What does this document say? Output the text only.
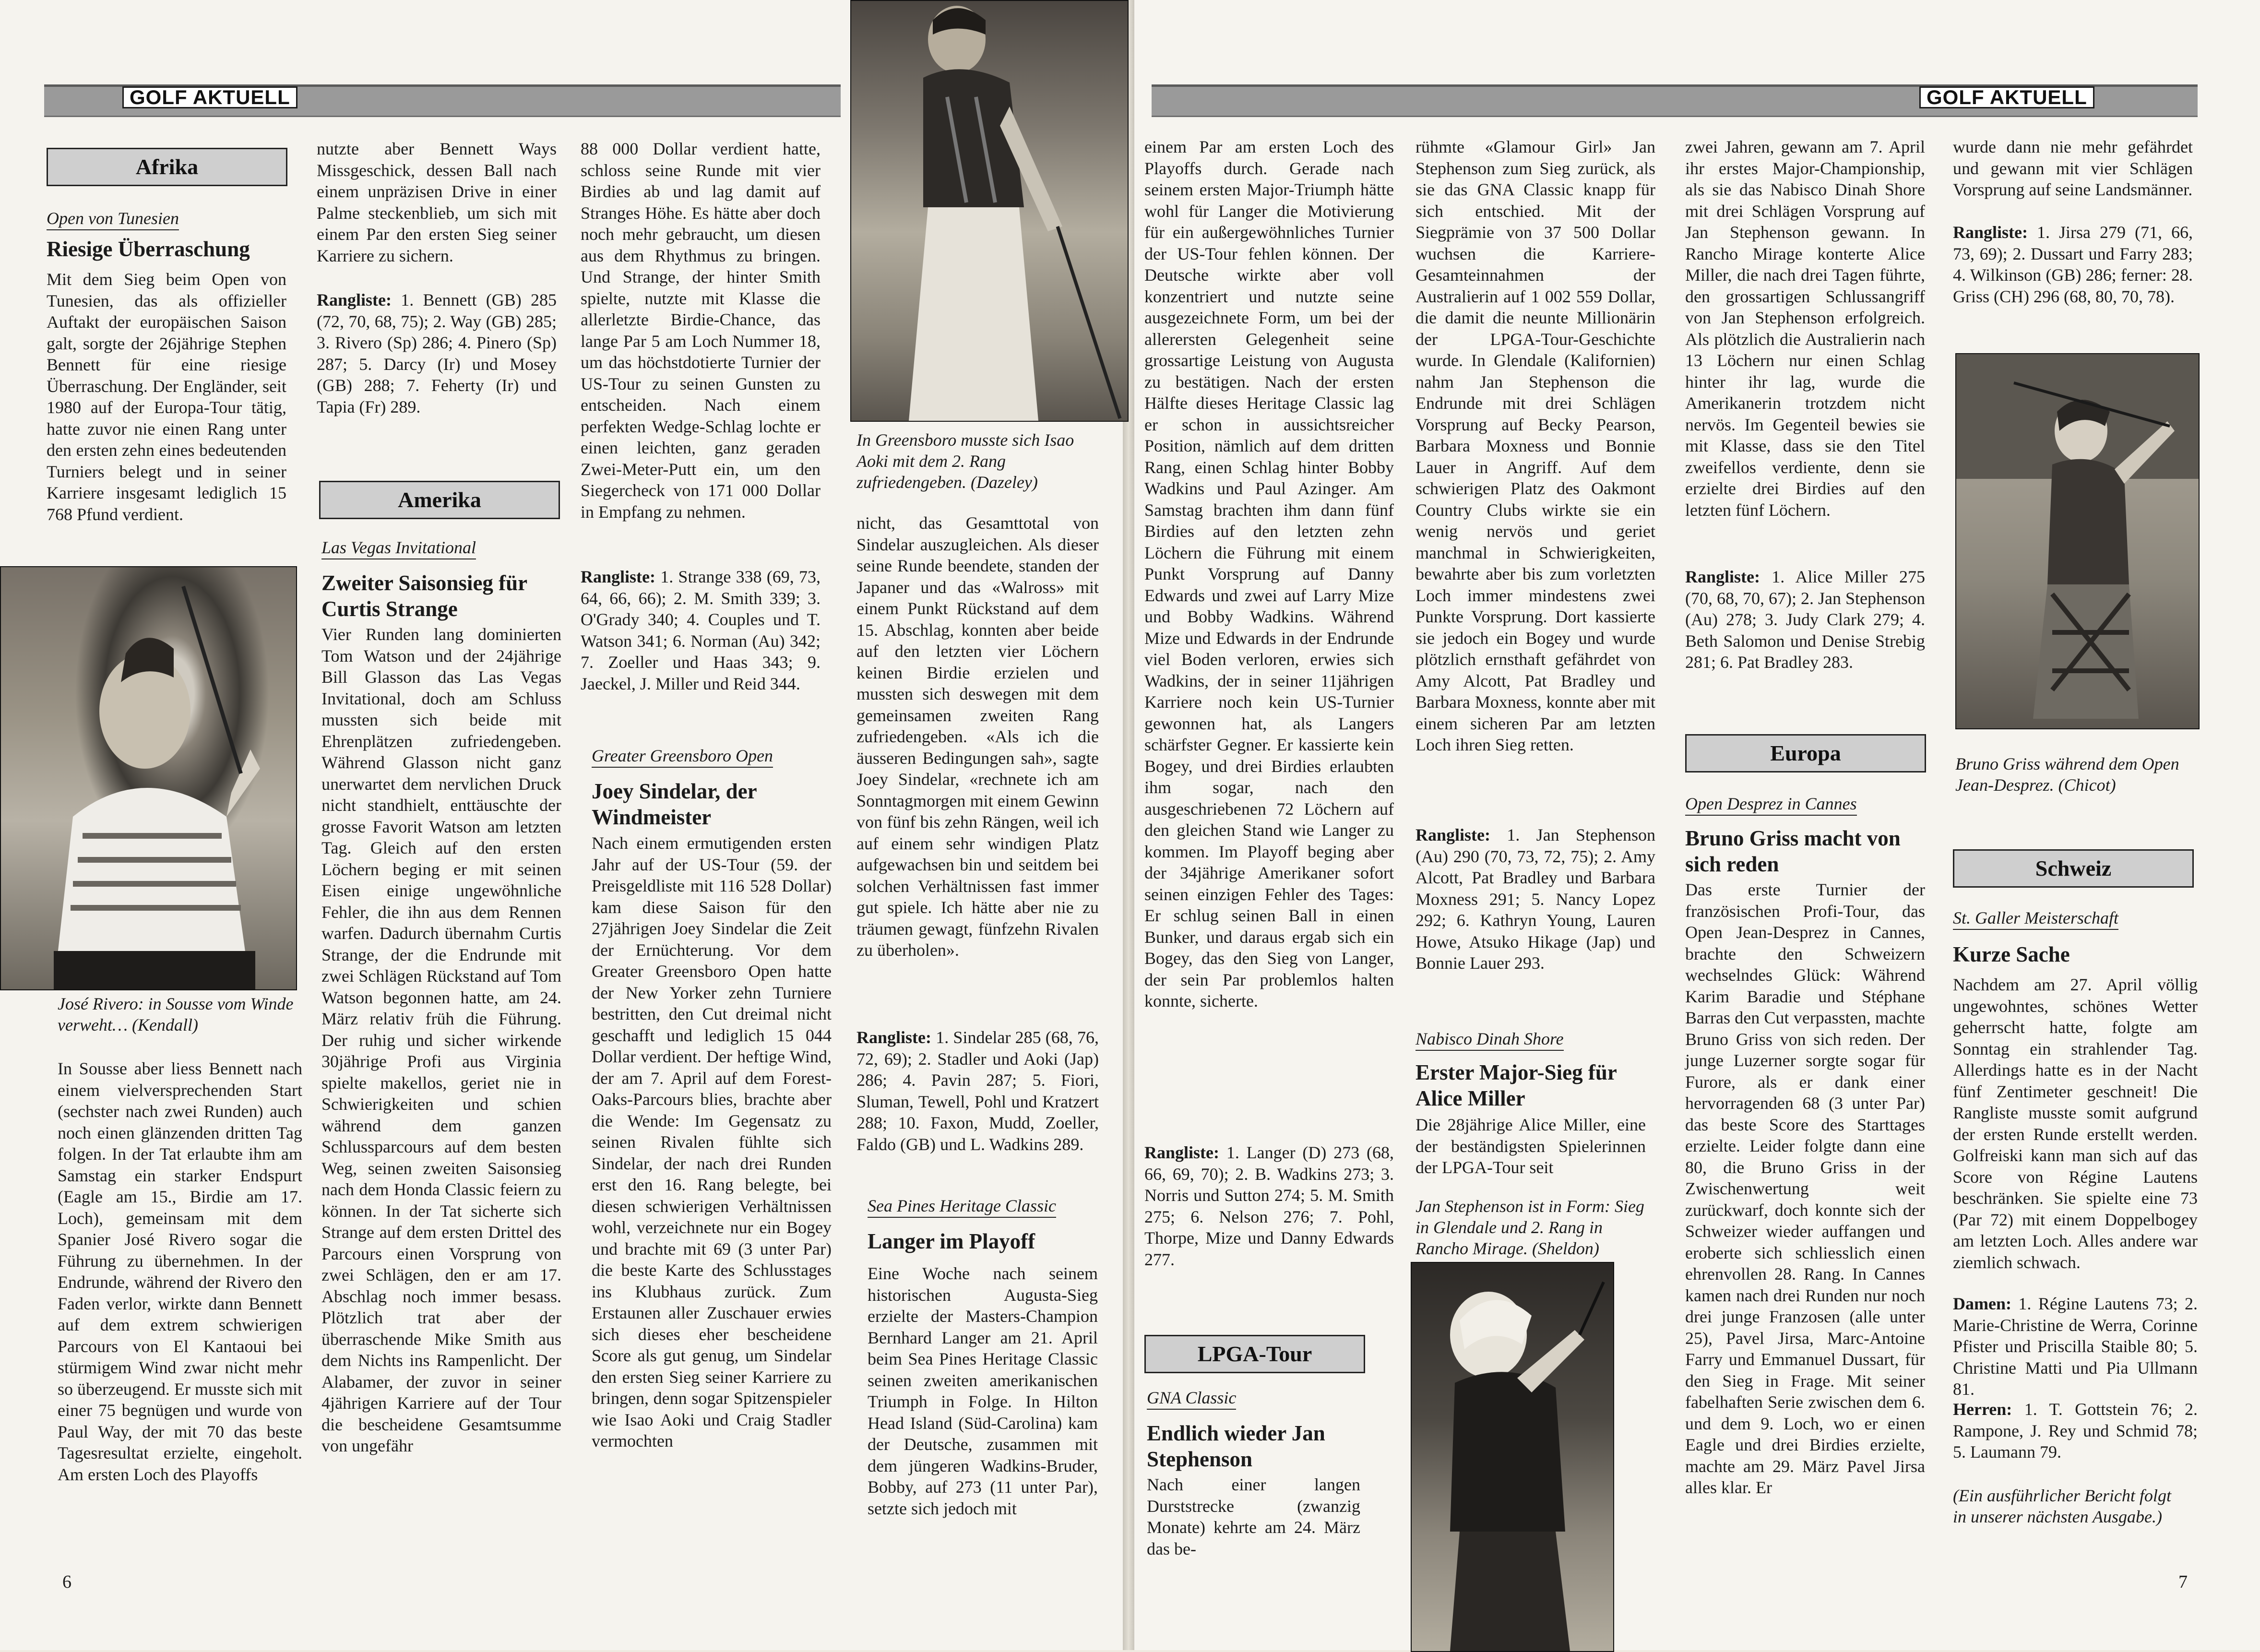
GOLF AKTUELL
Afrika
Open von Tunesien
Riesige Überraschung
Mit dem Sieg beim Open von Tunesien, das als offizieller Auftakt der europäischen Saison galt, sorgte der 26jährige Stephen Bennett für eine riesige Überraschung. Der Engländer, seit 1980 auf der Europa-Tour tätig, hatte zuvor nie einen Rang unter den ersten zehn eines bedeutenden Turniers belegt und in seiner Karriere insgesamt lediglich 15 768 Pfund verdient.
José Rivero: in Sousse vom Winde verweht… (Kendall)
In Sousse aber liess Bennett nach einem vielversprechenden Start (sechster nach zwei Runden) auch noch einen glänzenden dritten Tag folgen. In der Tat erlaubte ihm am Samstag ein starker Endspurt (Eagle am 15., Birdie am 17. Loch), gemeinsam mit dem Spanier José Rivero sogar die Führung zu übernehmen. In der Endrunde, während der Rivero den Faden verlor, wirkte dann Bennett auf dem extrem schwierigen Parcours von El Kantaoui bei stürmigem Wind zwar nicht mehr so überzeugend. Er musste sich mit einer 75 begnügen und wurde von Paul Way, der mit 70 das beste Tagesresultat erzielte, eingeholt. Am ersten Loch des Playoffs
nutzte aber Bennett Ways Missgeschick, dessen Ball nach einem unpräzisen Drive in einer Palme steckenblieb, um sich mit einem Par den ersten Sieg seiner Karriere zu sichern.
Rangliste: 1. Bennett (GB) 285 (72, 70, 68, 75); 2. Way (GB) 285; 3. Rivero (Sp) 286; 4. Pinero (Sp) 287; 5. Darcy (Ir) und Mosey (GB) 288; 7. Feherty (Ir) und Tapia (Fr) 289.
Amerika
Las Vegas Invitational
Zweiter Saisonsieg für Curtis Strange
Vier Runden lang dominierten Tom Watson und der 24jährige Bill Glasson das Las Vegas Invitational, doch am Schluss mussten sich beide mit Ehrenplätzen zufriedengeben. Während Glasson nicht ganz unerwartet dem nervlichen Druck nicht standhielt, enttäuschte der grosse Favorit Watson am letzten Tag. Gleich auf den ersten Löchern beging er mit seinen Eisen einige ungewöhnliche Fehler, die ihn aus dem Rennen warfen. Dadurch übernahm Curtis Strange, der die Endrunde mit zwei Schlägen Rückstand auf Tom Watson begonnen hatte, am 24. März relativ früh die Führung. Der ruhig und sicher wirkende 30jährige Profi aus Virginia spielte makellos, geriet nie in Schwierigkeiten und schien während dem ganzen Schlussparcours auf dem besten Weg, seinen zweiten Saisonsieg nach dem Honda Classic feiern zu können. In der Tat sicherte sich Strange auf dem ersten Drittel des Parcours einen Vorsprung von zwei Schlägen, den er am 17. Abschlag noch immer besass. Plötzlich trat aber der überraschende Mike Smith aus dem Nichts ins Rampenlicht. Der Alabamer, der zuvor in seiner 4jährigen Karriere auf der Tour die bescheidene Gesamtsumme von ungefähr
88 000 Dollar verdient hatte, schloss seine Runde mit vier Birdies ab und lag damit auf Stranges Höhe. Es hätte aber doch noch mehr gebraucht, um diesen aus dem Rhythmus zu bringen. Und Strange, der hinter Smith spielte, nutzte mit Klasse die allerletzte Birdie-Chance, das lange Par 5 am Loch Nummer 18, um das höchstdotierte Turnier der US-Tour zu seinen Gunsten zu entscheiden. Nach einem perfekten Wedge-Schlag lochte er einen leichten, ganz geraden Zwei-Meter-Putt ein, um den Siegercheck von 171 000 Dollar in Empfang zu nehmen.
Rangliste: 1. Strange 338 (69, 73, 64, 66, 66); 2. M. Smith 339; 3. O'Grady 340; 4. Couples und T. Watson 341; 6. Norman (Au) 342; 7. Zoeller und Haas 343; 9. Jaeckel, J. Miller und Reid 344.
Greater Greensboro Open
Joey Sindelar, der Windmeister
Nach einem ermutigenden ersten Jahr auf der US-Tour (59. der Preisgeldliste mit 116 528 Dollar) kam diese Saison für den 27jährigen Joey Sindelar die Zeit der Ernüchterung. Vor dem Greater Greensboro Open hatte der New Yorker zehn Turniere bestritten, den Cut dreimal nicht geschafft und lediglich 15 044 Dollar verdient. Der heftige Wind, der am 7. April auf dem Forest-Oaks-Parcours blies, brachte aber die Wende: Im Gegensatz zu seinen Rivalen fühlte sich Sindelar, der nach drei Runden erst den 16. Rang belegte, bei diesen schwierigen Verhältnissen wohl, verzeichnete nur ein Bogey und brachte mit 69 (3 unter Par) die beste Karte des Schlusstages ins Klubhaus zurück. Zum Erstaunen aller Zuschauer erwies sich dieses eher bescheidene Score als gut genug, um Sindelar den ersten Sieg seiner Karriere zu bringen, denn sogar Spitzenspieler wie Isao Aoki und Craig Stadler vermochten
In Greensboro musste sich Isao Aoki mit dem 2. Rang zufriedengeben. (Dazeley)
nicht, das Gesamttotal von Sindelar auszugleichen. Als dieser seine Runde beendete, standen der Japaner und das «Walross» mit einem Punkt Rückstand auf dem 15. Abschlag, konnten aber beide auf den letzten vier Löchern keinen Birdie erzielen und mussten sich deswegen mit dem gemeinsamen zweiten Rang zufriedengeben. «Als ich die äusseren Bedingungen sah», sagte Joey Sindelar, «rechnete ich am Sonntagmorgen mit einem Gewinn von fünf bis zehn Rängen, weil ich auf einem sehr windigen Platz aufgewachsen bin und seitdem bei solchen Verhältnissen fast immer gut spiele. Ich hätte aber nie zu träumen gewagt, fünfzehn Rivalen zu überholen».
Rangliste: 1. Sindelar 285 (68, 76, 72, 69); 2. Stadler und Aoki (Jap) 286; 4. Pavin 287; 5. Fiori, Sluman, Tewell, Pohl und Kratzert 288; 10. Faxon, Mudd, Zoeller, Faldo (GB) und L. Wadkins 289.
Sea Pines Heritage Classic
Langer im Playoff
Eine Woche nach seinem historischen Augusta-Sieg erzielte der Masters-Champion Bernhard Langer am 21. April beim Sea Pines Heritage Classic seinen zweiten amerikanischen Triumph in Folge. In Hilton Head Island (Süd-Carolina) kam der Deutsche, zusammen mit dem jüngeren Wadkins-Bruder, Bobby, auf 273 (11 unter Par), setzte sich jedoch mit
6
GOLF AKTUELL
einem Par am ersten Loch des Playoffs durch. Gerade nach seinem ersten Major-Triumph hätte wohl für Langer die Motivierung für ein außergewöhnliches Turnier der US-Tour fehlen können. Der Deutsche wirkte aber voll konzentriert und nutzte seine ausgezeichnete Form, um bei der allerersten Gelegenheit seine grossartige Leistung von Augusta zu bestätigen. Nach der ersten Hälfte dieses Heritage Classic lag er schon in aussichtsreicher Position, nämlich auf dem dritten Rang, einen Schlag hinter Bobby Wadkins und Paul Azinger. Am Samstag brachten ihm dann fünf Birdies auf den letzten zehn Löchern die Führung mit einem Punkt Vorsprung auf Danny Edwards und zwei auf Larry Mize und Bobby Wadkins. Während Mize und Edwards in der Endrunde viel Boden verloren, erwies sich Wadkins, der in seiner 11jährigen Karriere noch kein US-Turnier gewonnen hat, als Langers schärfster Gegner. Er kassierte kein Bogey, und drei Birdies erlaubten ihm sogar, nach den ausgeschriebenen 72 Löchern auf den gleichen Stand wie Langer zu kommen. Im Playoff beging aber der 34jährige Amerikaner sofort seinen einzigen Fehler des Tages: Er schlug seinen Ball in einen Bunker, und daraus ergab sich ein Bogey, das den Sieg von Langer, der sein Par problemlos halten konnte, sicherte.
Rangliste: 1. Langer (D) 273 (68, 66, 69, 70); 2. B. Wadkins 273; 3. Norris und Sutton 274; 5. M. Smith 275; 6. Nelson 276; 7. Pohl, Thorpe, Mize und Danny Edwards 277.
LPGA-Tour
GNA Classic
Endlich wieder Jan Stephenson
Nach einer langen Durststrecke (zwanzig Monate) kehrte am 24. März das be-
rühmte «Glamour Girl» Jan Stephenson zum Sieg zurück, als sie das GNA Classic knapp für sich entschied. Mit der Siegprämie von 37 500 Dollar wuchsen die Karriere-Gesamteinnahmen der Australierin auf 1 002 559 Dollar, die damit die neunte Millionärin der LPGA-Tour-Geschichte wurde. In Glendale (Kalifornien) nahm Jan Stephenson die Endrunde mit drei Schlägen Vorsprung auf Becky Pearson, Barbara Moxness und Bonnie Lauer in Angriff. Auf dem schwierigen Platz des Oakmont Country Clubs wirkte sie ein wenig nervös und geriet manchmal in Schwierigkeiten, bewahrte aber bis zum vorletzten Loch immer mindestens zwei Punkte Vorsprung. Dort kassierte sie jedoch ein Bogey und wurde plötzlich ernsthaft gefährdet von Amy Alcott, Pat Bradley und Barbara Moxness, konnte aber mit einem sicheren Par am letzten Loch ihren Sieg retten.
Rangliste: 1. Jan Stephenson (Au) 290 (70, 73, 72, 75); 2. Amy Alcott, Pat Bradley und Barbara Moxness 291; 5. Nancy Lopez 292; 6. Kathryn Young, Lauren Howe, Atsuko Hikage (Jap) und Bonnie Lauer 293.
Nabisco Dinah Shore
Erster Major-Sieg für Alice Miller
Die 28jährige Alice Miller, eine der beständigsten Spielerinnen der LPGA-Tour seit
Jan Stephenson ist in Form: Sieg in Glendale und 2. Rang in Rancho Mirage. (Sheldon)
zwei Jahren, gewann am 7. April ihr erstes Major-Championship, als sie das Nabisco Dinah Shore mit drei Schlägen Vorsprung auf Jan Stephenson gewann. In Rancho Mirage konterte Alice Miller, die nach drei Tagen führte, den grossartigen Schlussangriff von Jan Stephenson erfolgreich. Als plötzlich die Australierin nach 13 Löchern nur einen Schlag hinter ihr lag, wurde die Amerikanerin trotzdem nicht nervös. Im Gegenteil bewies sie mit Klasse, dass sie den Titel zweifellos verdiente, denn sie erzielte drei Birdies auf den letzten fünf Löchern.
Rangliste: 1. Alice Miller 275 (70, 68, 70, 67); 2. Jan Stephenson (Au) 278; 3. Judy Clark 279; 4. Beth Salomon und Denise Strebig 281; 6. Pat Bradley 283.
Europa
Open Desprez in Cannes
Bruno Griss macht von sich reden
Das erste Turnier der französischen Profi-Tour, das Open Jean-Desprez in Cannes, brachte den Schweizern wechselndes Glück: Während Karim Baradie und Stéphane Barras den Cut verpassten, machte Bruno Griss von sich reden. Der junge Luzerner sorgte sogar für Furore, als er dank einer hervorragenden 68 (3 unter Par) das beste Score des Starttages erzielte. Leider folgte dann eine 80, die Bruno Griss in der Zwischenwertung weit zurückwarf, doch konnte sich der Schweizer wieder auffangen und eroberte sich schliesslich einen ehrenvollen 28. Rang. In Cannes kamen nach drei Runden nur noch drei junge Franzosen (alle unter 25), Pavel Jirsa, Marc-Antoine Farry und Emmanuel Dussart, für den Sieg in Frage. Mit seiner fabelhaften Serie zwischen dem 6. und dem 9. Loch, wo er einen Eagle und drei Birdies erzielte, machte am 29. März Pavel Jirsa alles klar. Er
wurde dann nie mehr gefährdet und gewann mit vier Schlägen Vorsprung auf seine Landsmänner.
Rangliste: 1. Jirsa 279 (71, 66, 73, 69); 2. Dussart und Farry 283; 4. Wilkinson (GB) 286; ferner: 28. Griss (CH) 296 (68, 80, 70, 78).
Bruno Griss während dem Open Jean-Desprez. (Chicot)
Schweiz
St. Galler Meisterschaft
Kurze Sache
Nachdem am 27. April völlig ungewohntes, schönes Wetter geherrscht hatte, folgte am Sonntag ein strahlender Tag. Allerdings hatte es in der Nacht fünf Zentimeter geschneit! Die Rangliste musste somit aufgrund der ersten Runde erstellt werden. Golfreiski kann man sich auf das Score von Régine Lautens beschränken. Sie spielte eine 73 (Par 72) mit einem Doppelbogey am letzten Loch. Alles andere war ziemlich schwach.
Damen: 1. Régine Lautens 73; 2. Marie-Christine de Werra, Corinne Pfister und Priscilla Staible 80; 5. Christine Matti und Pia Ullmann 81.
Herren: 1. T. Gottstein 76; 2. Rampone, J. Rey und Schmid 78; 5. Laumann 79.
(Ein ausführlicher Bericht folgt in unserer nächsten Ausgabe.)
7
